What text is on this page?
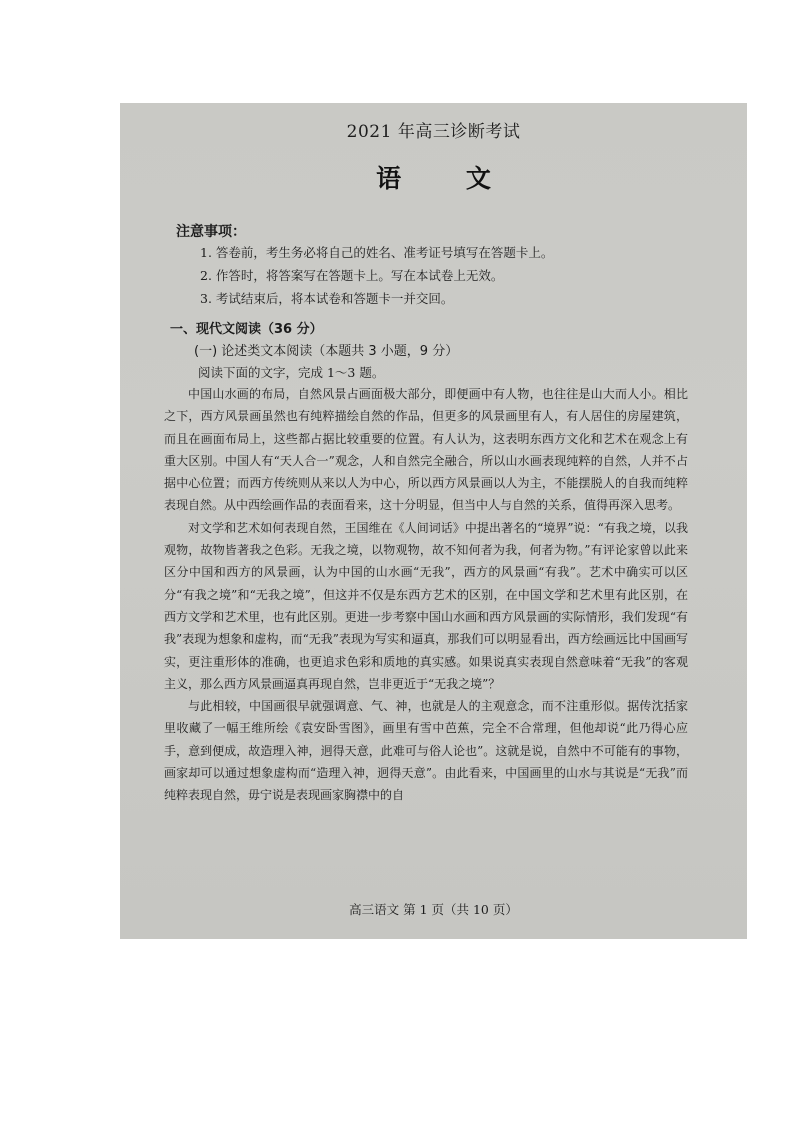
2021 年高三诊断考试
语 文
注意事项：
1. 答卷前，考生务必将自己的姓名、准考证号填写在答题卡上。
2. 作答时，将答案写在答题卡上。写在本试卷上无效。
3. 考试结束后，将本试卷和答题卡一并交回。
一、现代文阅读（36 分）
(一) 论述类文本阅读（本题共 3 小题，9 分）
阅读下面的文字，完成 1～3 题。

中国山水画的布局，自然风景占画面极大部分，即便画中有人物，也往往是山大而人小。相比之下，西方风景画虽然也有纯粹描绘自然的作品，但更多的风景画里有人，有人居住的房屋建筑，而且在画面布局上，这些都占据比较重要的位置。有人认为，这表明东西方文化和艺术在观念上有重大区别。中国人有“天人合一”观念，人和自然完全融合，所以山水画表现纯粹的自然，人并不占据中心位置；而西方传统则从来以人为中心，所以西方风景画以人为主，不能摆脱人的自我而纯粹表现自然。从中西绘画作品的表面看来，这十分明显，但当中人与自然的关系，值得再深入思考。

对文学和艺术如何表现自然，王国维在《人间词话》中提出著名的“境界”说：“有我之境，以我观物，故物皆著我之色彩。无我之境，以物观物，故不知何者为我，何者为物。”有评论家曾以此来区分中国和西方的风景画，认为中国的山水画“无我”，西方的风景画“有我”。艺术中确实可以区分“有我之境”和“无我之境”，但这并不仅是东西方艺术的区别，在中国文学和艺术里有此区别，在西方文学和艺术里，也有此区别。更进一步考察中国山水画和西方风景画的实际情形，我们发现“有我”表现为想象和虚构，而“无我”表现为写实和逼真，那我们可以明显看出，西方绘画远比中国画写实，更注重形体的准确，也更追求色彩和质地的真实感。如果说真实表现自然意味着“无我”的客观主义，那么西方风景画逼真再现自然，岂非更近于“无我之境”？

与此相较，中国画很早就强调意、气、神，也就是人的主观意念，而不注重形似。据传沈括家里收藏了一幅王维所绘《袁安卧雪图》，画里有雪中芭蕉，完全不合常理，但他却说“此乃得心应手，意到便成，故造理入神，迥得天意，此难可与俗人论也”。这就是说，自然中不可能有的事物，画家却可以通过想象虚构而“造理入神，迥得天意”。由此看来，中国画里的山水与其说是“无我”而纯粹表现自然，毋宁说是表现画家胸襟中的自

高三语文 第 1 页（共 10 页）
